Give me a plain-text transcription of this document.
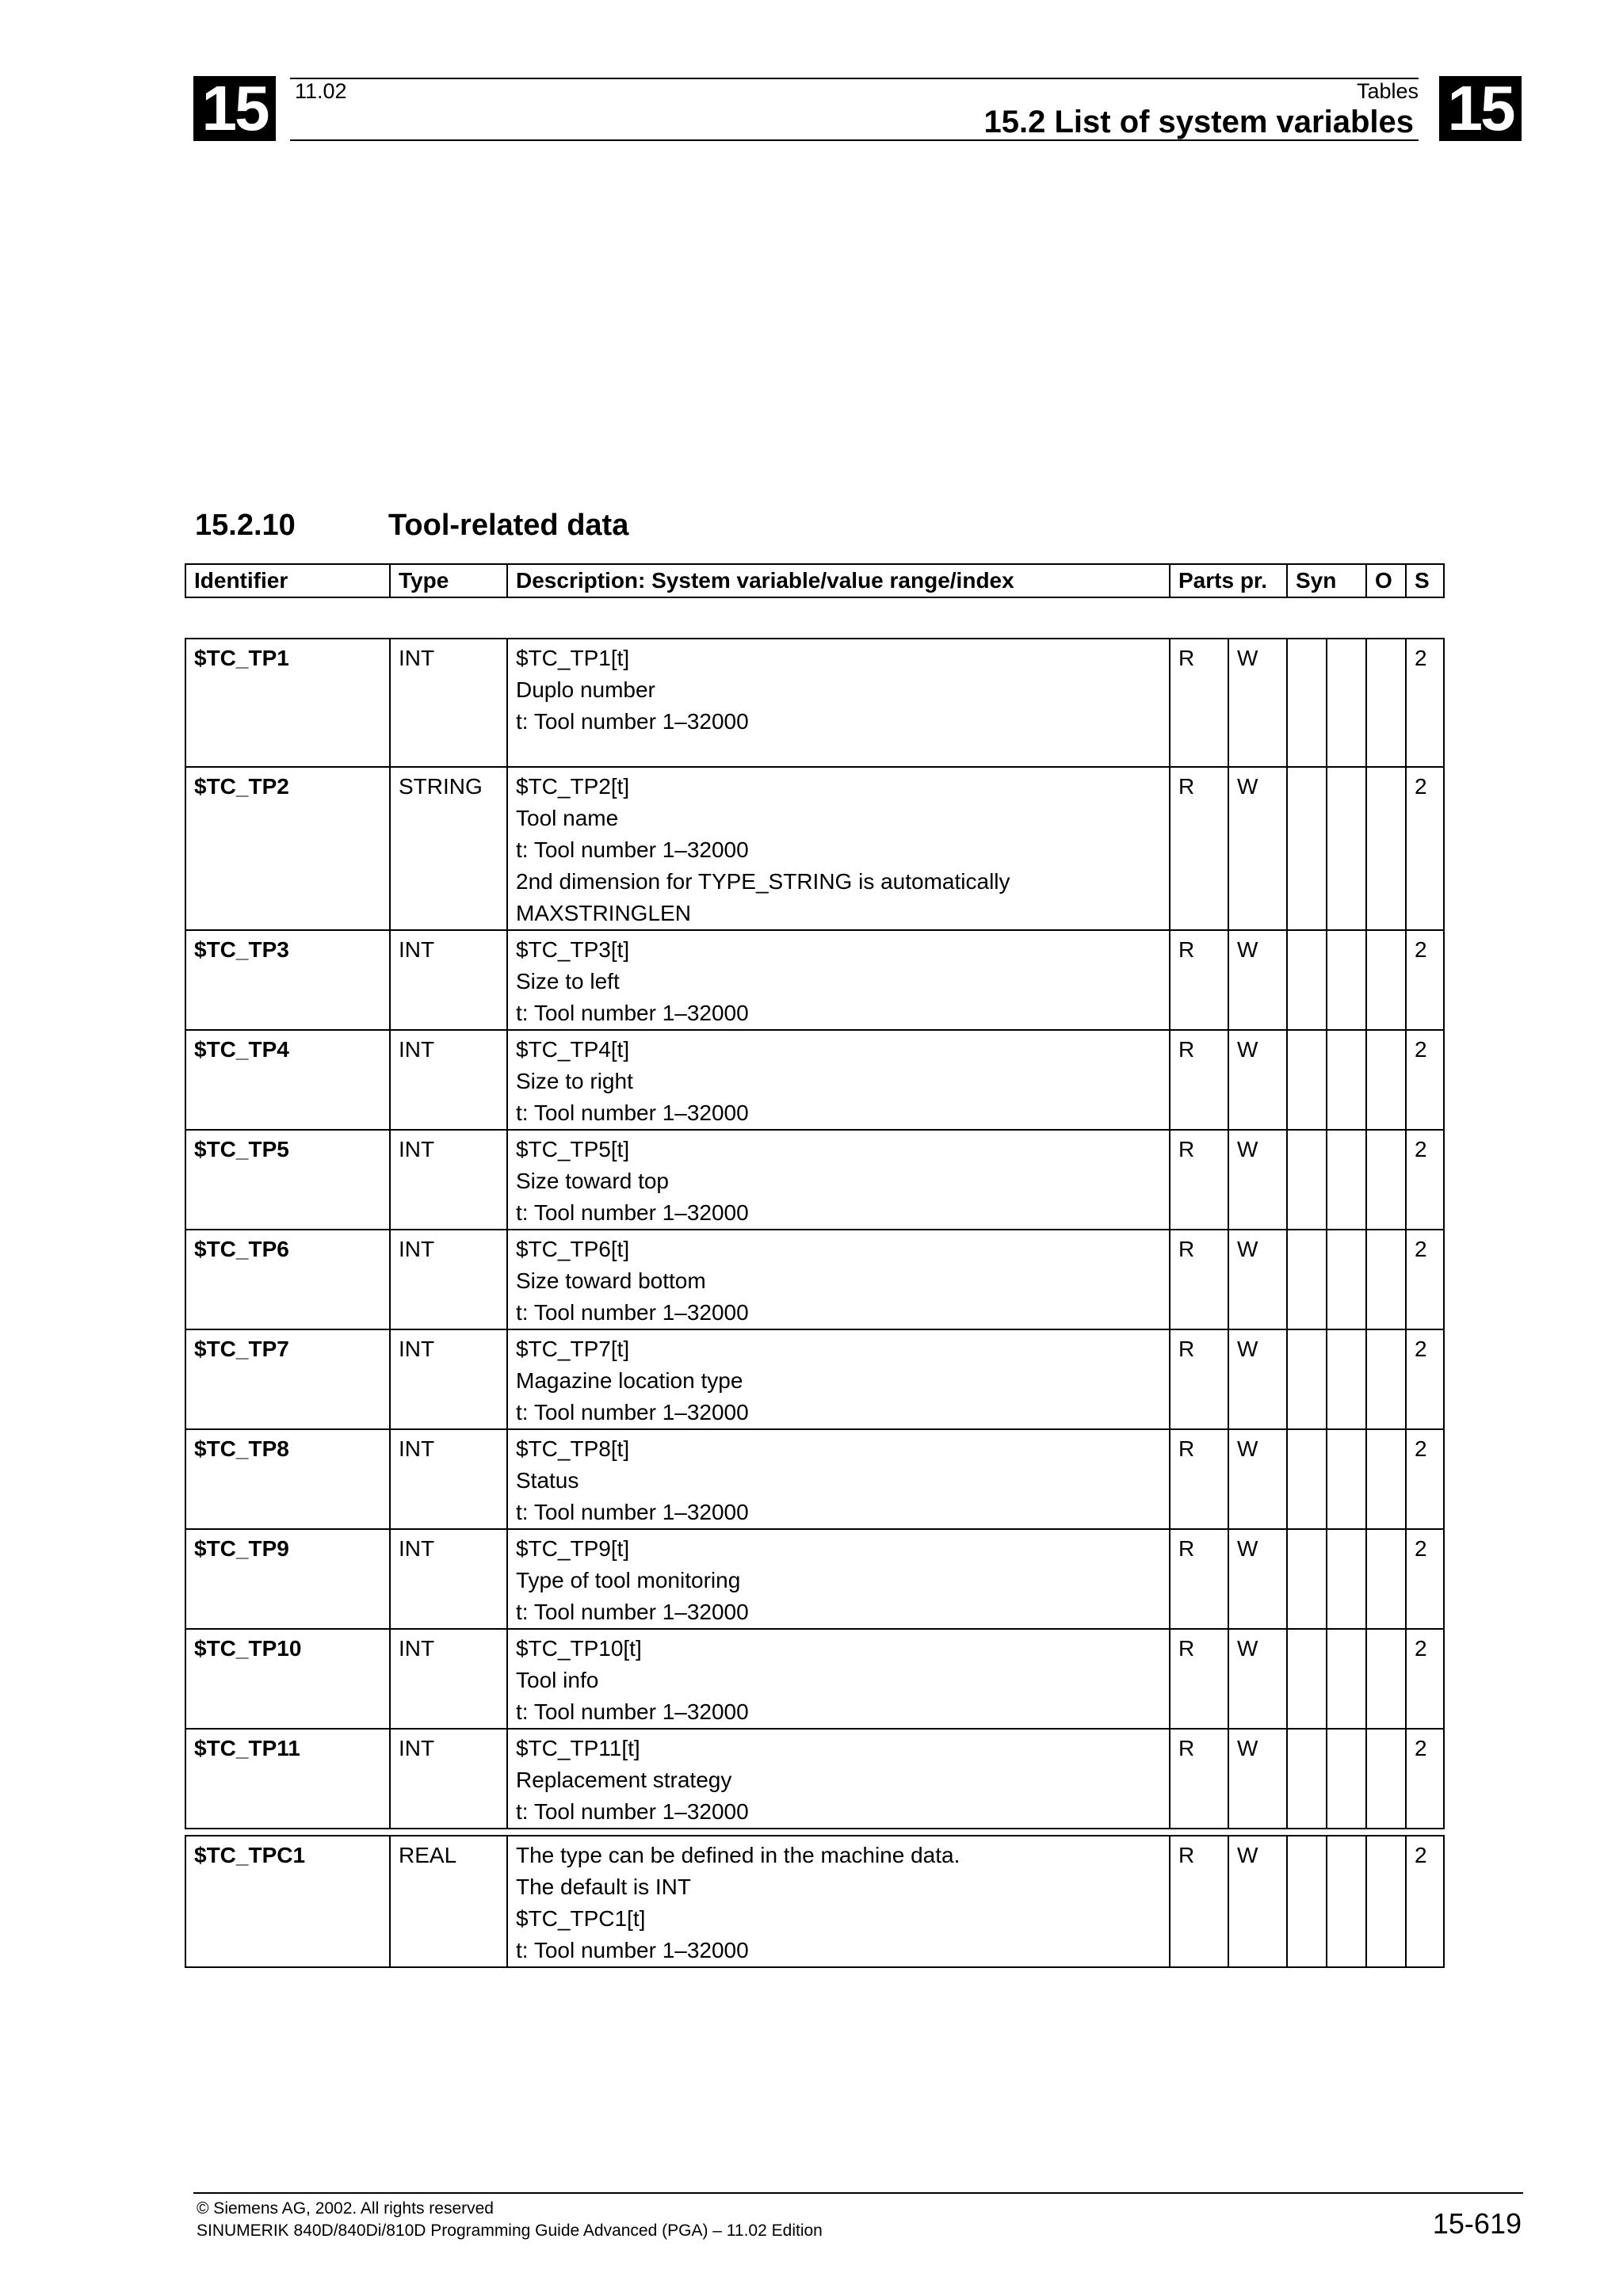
15	11.02	Tables
15.2 List of system variables 15
15.2.10	Tool-related data
Identifier	Type	Description: System variable/value range/index	Parts pr.	Syn	O	S
$TC_TP1	INT	$TC_TP1[t]
Duplo number
t: Tool number 1–32000	R	W				2
$TC_TP2	STRING	$TC_TP2[t]
Tool name
t: Tool number 1–32000
2nd dimension for TYPE_STRING is automatically
MAXSTRINGLEN	R	W				2
$TC_TP3	INT	$TC_TP3[t]
Size to left
t: Tool number 1–32000	R	W				2
$TC_TP4	INT	$TC_TP4[t]
Size to right
t: Tool number 1–32000	R	W				2
$TC_TP5	INT	$TC_TP5[t]
Size toward top
t: Tool number 1–32000	R	W				2
$TC_TP6	INT	$TC_TP6[t]
Size toward bottom
t: Tool number 1–32000	R	W				2
$TC_TP7	INT	$TC_TP7[t]
Magazine location type
t: Tool number 1–32000	R	W				2
$TC_TP8	INT	$TC_TP8[t]
Status
t: Tool number 1–32000	R	W				2
$TC_TP9	INT	$TC_TP9[t]
Type of tool monitoring
t: Tool number 1–32000	R	W				2
$TC_TP10	INT	$TC_TP10[t]
Tool info
t: Tool number 1–32000	R	W				2
$TC_TP11	INT	$TC_TP11[t]
Replacement strategy
t: Tool number 1–32000	R	W				2
$TC_TPC1	REAL	The type can be defined in the machine data.
The default is INT
$TC_TPC1[t]
t: Tool number 1–32000
	R	W				2
© Siemens AG, 2002. All rights reserved
SINUMERIK 840D/840Di/810D Programming Guide Advanced (PGA) – 11.02 Edition	15-619
